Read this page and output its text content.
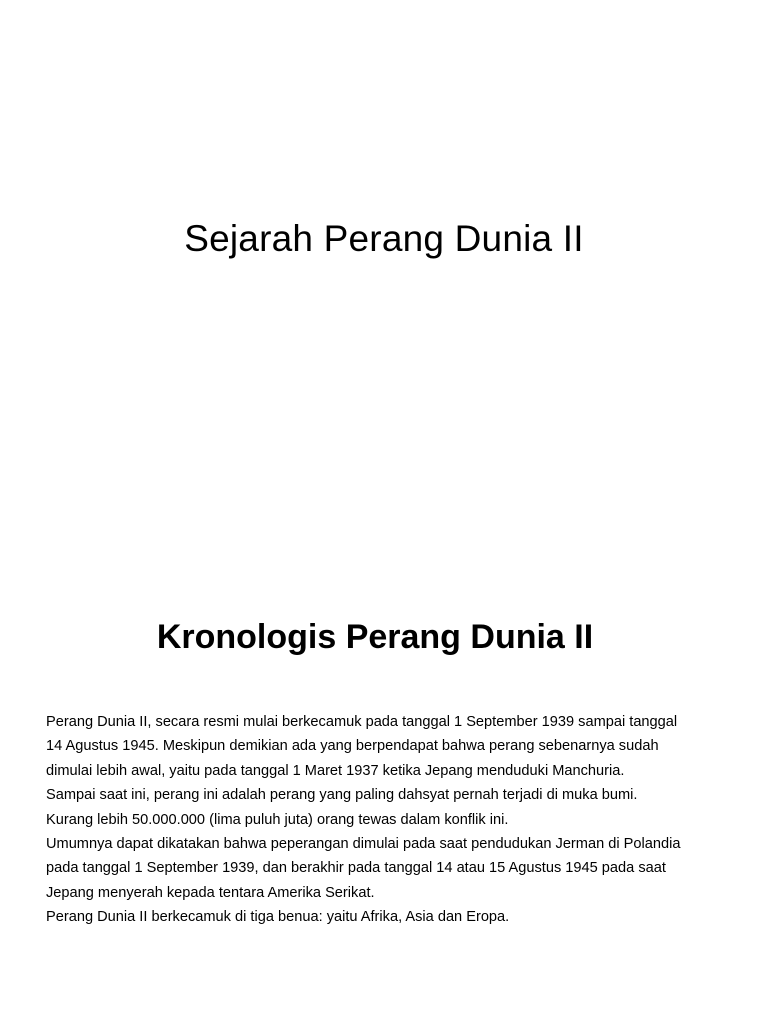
Sejarah Perang Dunia II
Kronologis Perang Dunia II
Perang Dunia II, secara resmi mulai berkecamuk pada tanggal 1 September 1939 sampai tanggal
14 Agustus 1945. Meskipun demikian ada yang berpendapat bahwa perang sebenarnya sudah
dimulai lebih awal, yaitu pada tanggal 1 Maret 1937 ketika Jepang menduduki Manchuria.
Sampai saat ini, perang ini adalah perang yang paling dahsyat pernah terjadi di muka bumi.
Kurang lebih 50.000.000 (lima puluh juta) orang tewas dalam konflik ini.
Umumnya dapat dikatakan bahwa peperangan dimulai pada saat pendudukan Jerman di Polandia
pada tanggal 1 September 1939, dan berakhir pada tanggal 14 atau 15 Agustus 1945 pada saat
Jepang menyerah kepada tentara Amerika Serikat.
Perang Dunia II berkecamuk di tiga benua: yaitu Afrika, Asia dan Eropa.
